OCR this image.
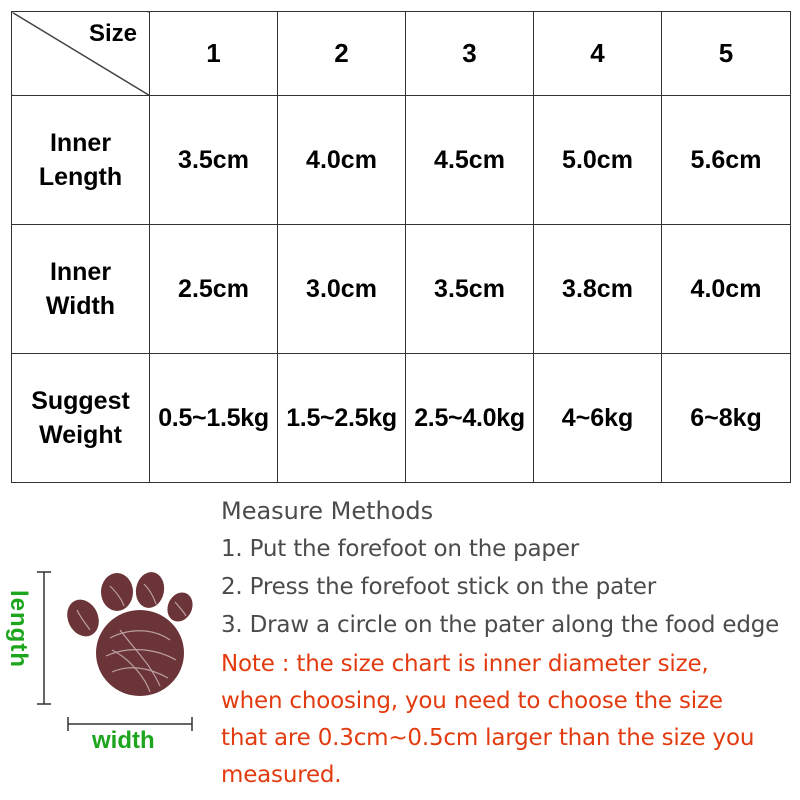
Size	1	2	3	4	5
Inner
Length	3.5cm	4.0cm	4.5cm	5.0cm	5.6cm
Inner
Width	2.5cm	3.0cm	3.5cm	3.8cm	4.0cm
Suggest
Weight	0.5~1.5kg	1.5~2.5kg	2.5~4.0kg	4~6kg	6~8kg
length
width
Measure Methods
1. Put the forefoot on the paper
2. Press the forefoot stick on the pater
3. Draw a circle on the pater along the food edge
Note : the size chart is inner diameter size,
when choosing, you need to choose the size
that are 0.3cm~0.5cm larger than the size you
measured.
